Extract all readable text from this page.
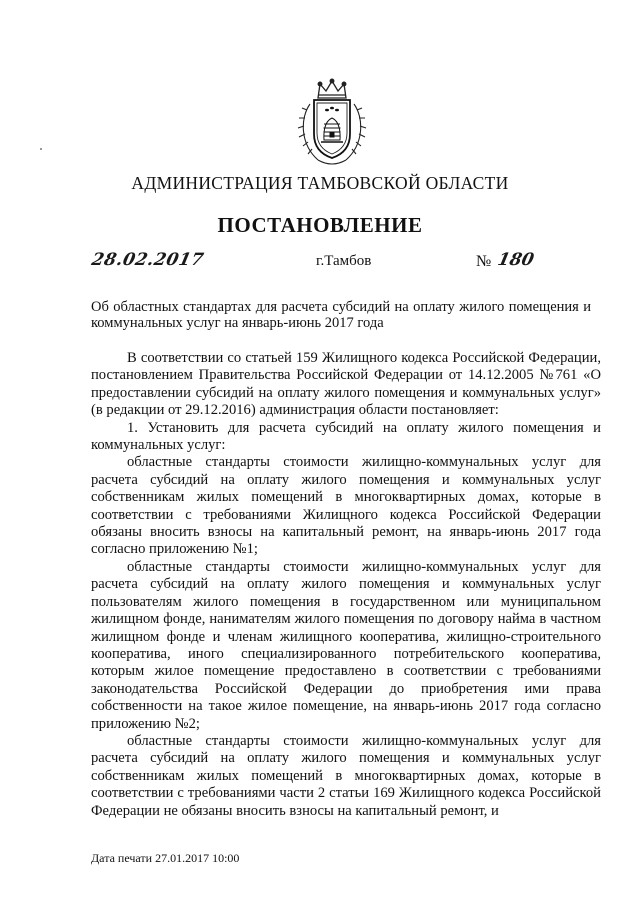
АДМИНИСТРАЦИЯ ТАМБОВСКОЙ ОБЛАСТИ
ПОСТАНОВЛЕНИЕ
28.02.2017	г.Тамбов	№ 180
Об областных стандартах для расчета субсидий на оплату жилого помещения и коммунальных услуг на январь-июнь 2017 года

В соответствии со статьей 159 Жилищного кодекса Российской Федерации, постановлением Правительства Российской Федерации от 14.12.2005 №761 «О предоставлении субсидий на оплату жилого помещения и коммунальных услуг» (в редакции от 29.12.2016) администрация области постановляет:

1. Установить для расчета субсидий на оплату жилого помещения и коммунальных услуг:

областные стандарты стоимости жилищно-коммунальных услуг для расчета субсидий на оплату жилого помещения и коммунальных услуг собственникам жилых помещений в многоквартирных домах, которые в соответствии с требованиями Жилищного кодекса Российской Федерации обязаны вносить взносы на капитальный ремонт, на январь-июнь 2017 года согласно приложению №1;

областные стандарты стоимости жилищно-коммунальных услуг для расчета субсидий на оплату жилого помещения и коммунальных услуг пользователям жилого помещения в государственном или муниципальном жилищном фонде, нанимателям жилого помещения по договору найма в частном жилищном фонде и членам жилищного кооператива, жилищно-строительного кооператива, иного специализированного потребительского кооператива, которым жилое помещение предоставлено в соответствии с требованиями законодательства Российской Федерации до приобретения ими права собственности на такое жилое помещение, на январь-июнь 2017 года согласно приложению №2;

областные стандарты стоимости жилищно-коммунальных услуг для расчета субсидий на оплату жилого помещения и коммунальных услуг собственникам жилых помещений в многоквартирных домах, которые в соответствии с требованиями части 2 статьи 169 Жилищного кодекса Российской Федерации не обязаны вносить взносы на капитальный ремонт, и

Дата печати 27.01.2017 10:00
